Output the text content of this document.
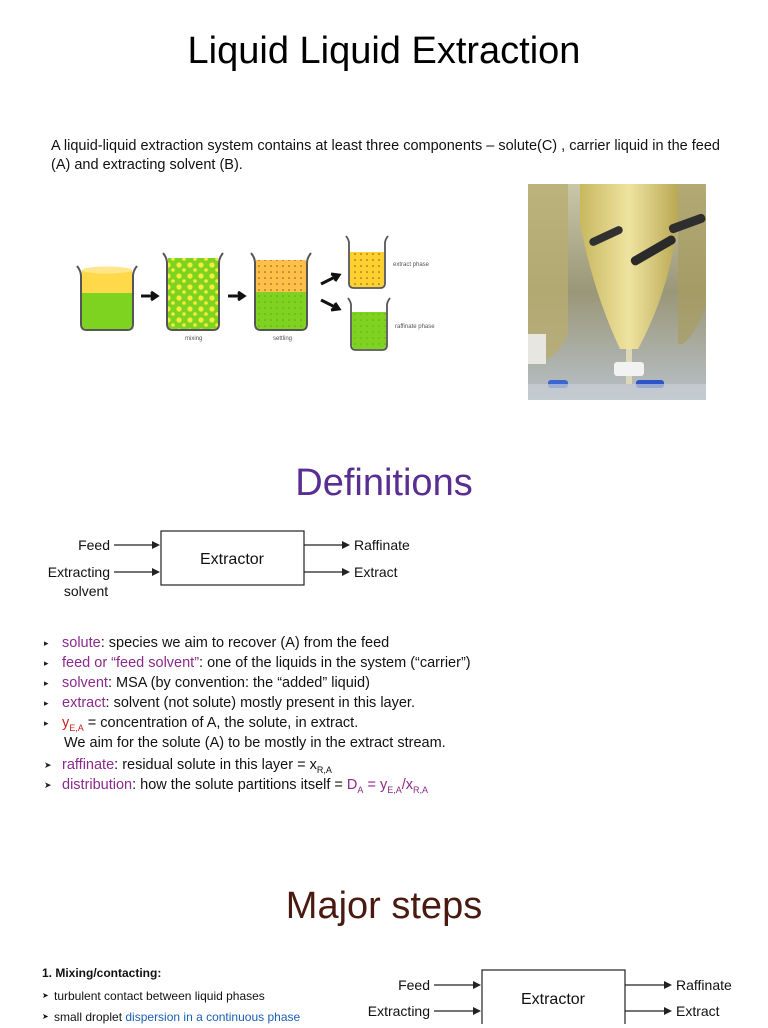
Liquid Liquid Extraction
A liquid-liquid extraction system contains at least three components – solute(C) , carrier liquid in the feed (A) and extracting solvent (B).
mixing	settling
extract phase
raffinate phase
Definitions
Extractor
Feed
Extracting
solvent
Raffinate
Extract
▸ solute: species we aim to recover (A) from the feed
▸ feed or “feed solvent”: one of the liquids in the system (“carrier”)
▸ solvent: MSA (by convention: the “added” liquid)
▸ extract: solvent (not solute) mostly present in this layer.
▸ $y_{E,A}$ = concentration of A, the solute, in extract.
We aim for the solute (A) to be mostly in the extract stream.
➤ raffinate: residual solute in this layer = $x_{R,A}$
➤ distribution: how the solute partitions itself = $D_A = y_{E,A}/x_{R,A}$
Major steps
1. Mixing/contacting:
➤ turbulent contact between liquid phases
➤ small droplet dispersion in a continuous phase
Extractor
Feed
Extracting
Raffinate
Extract
